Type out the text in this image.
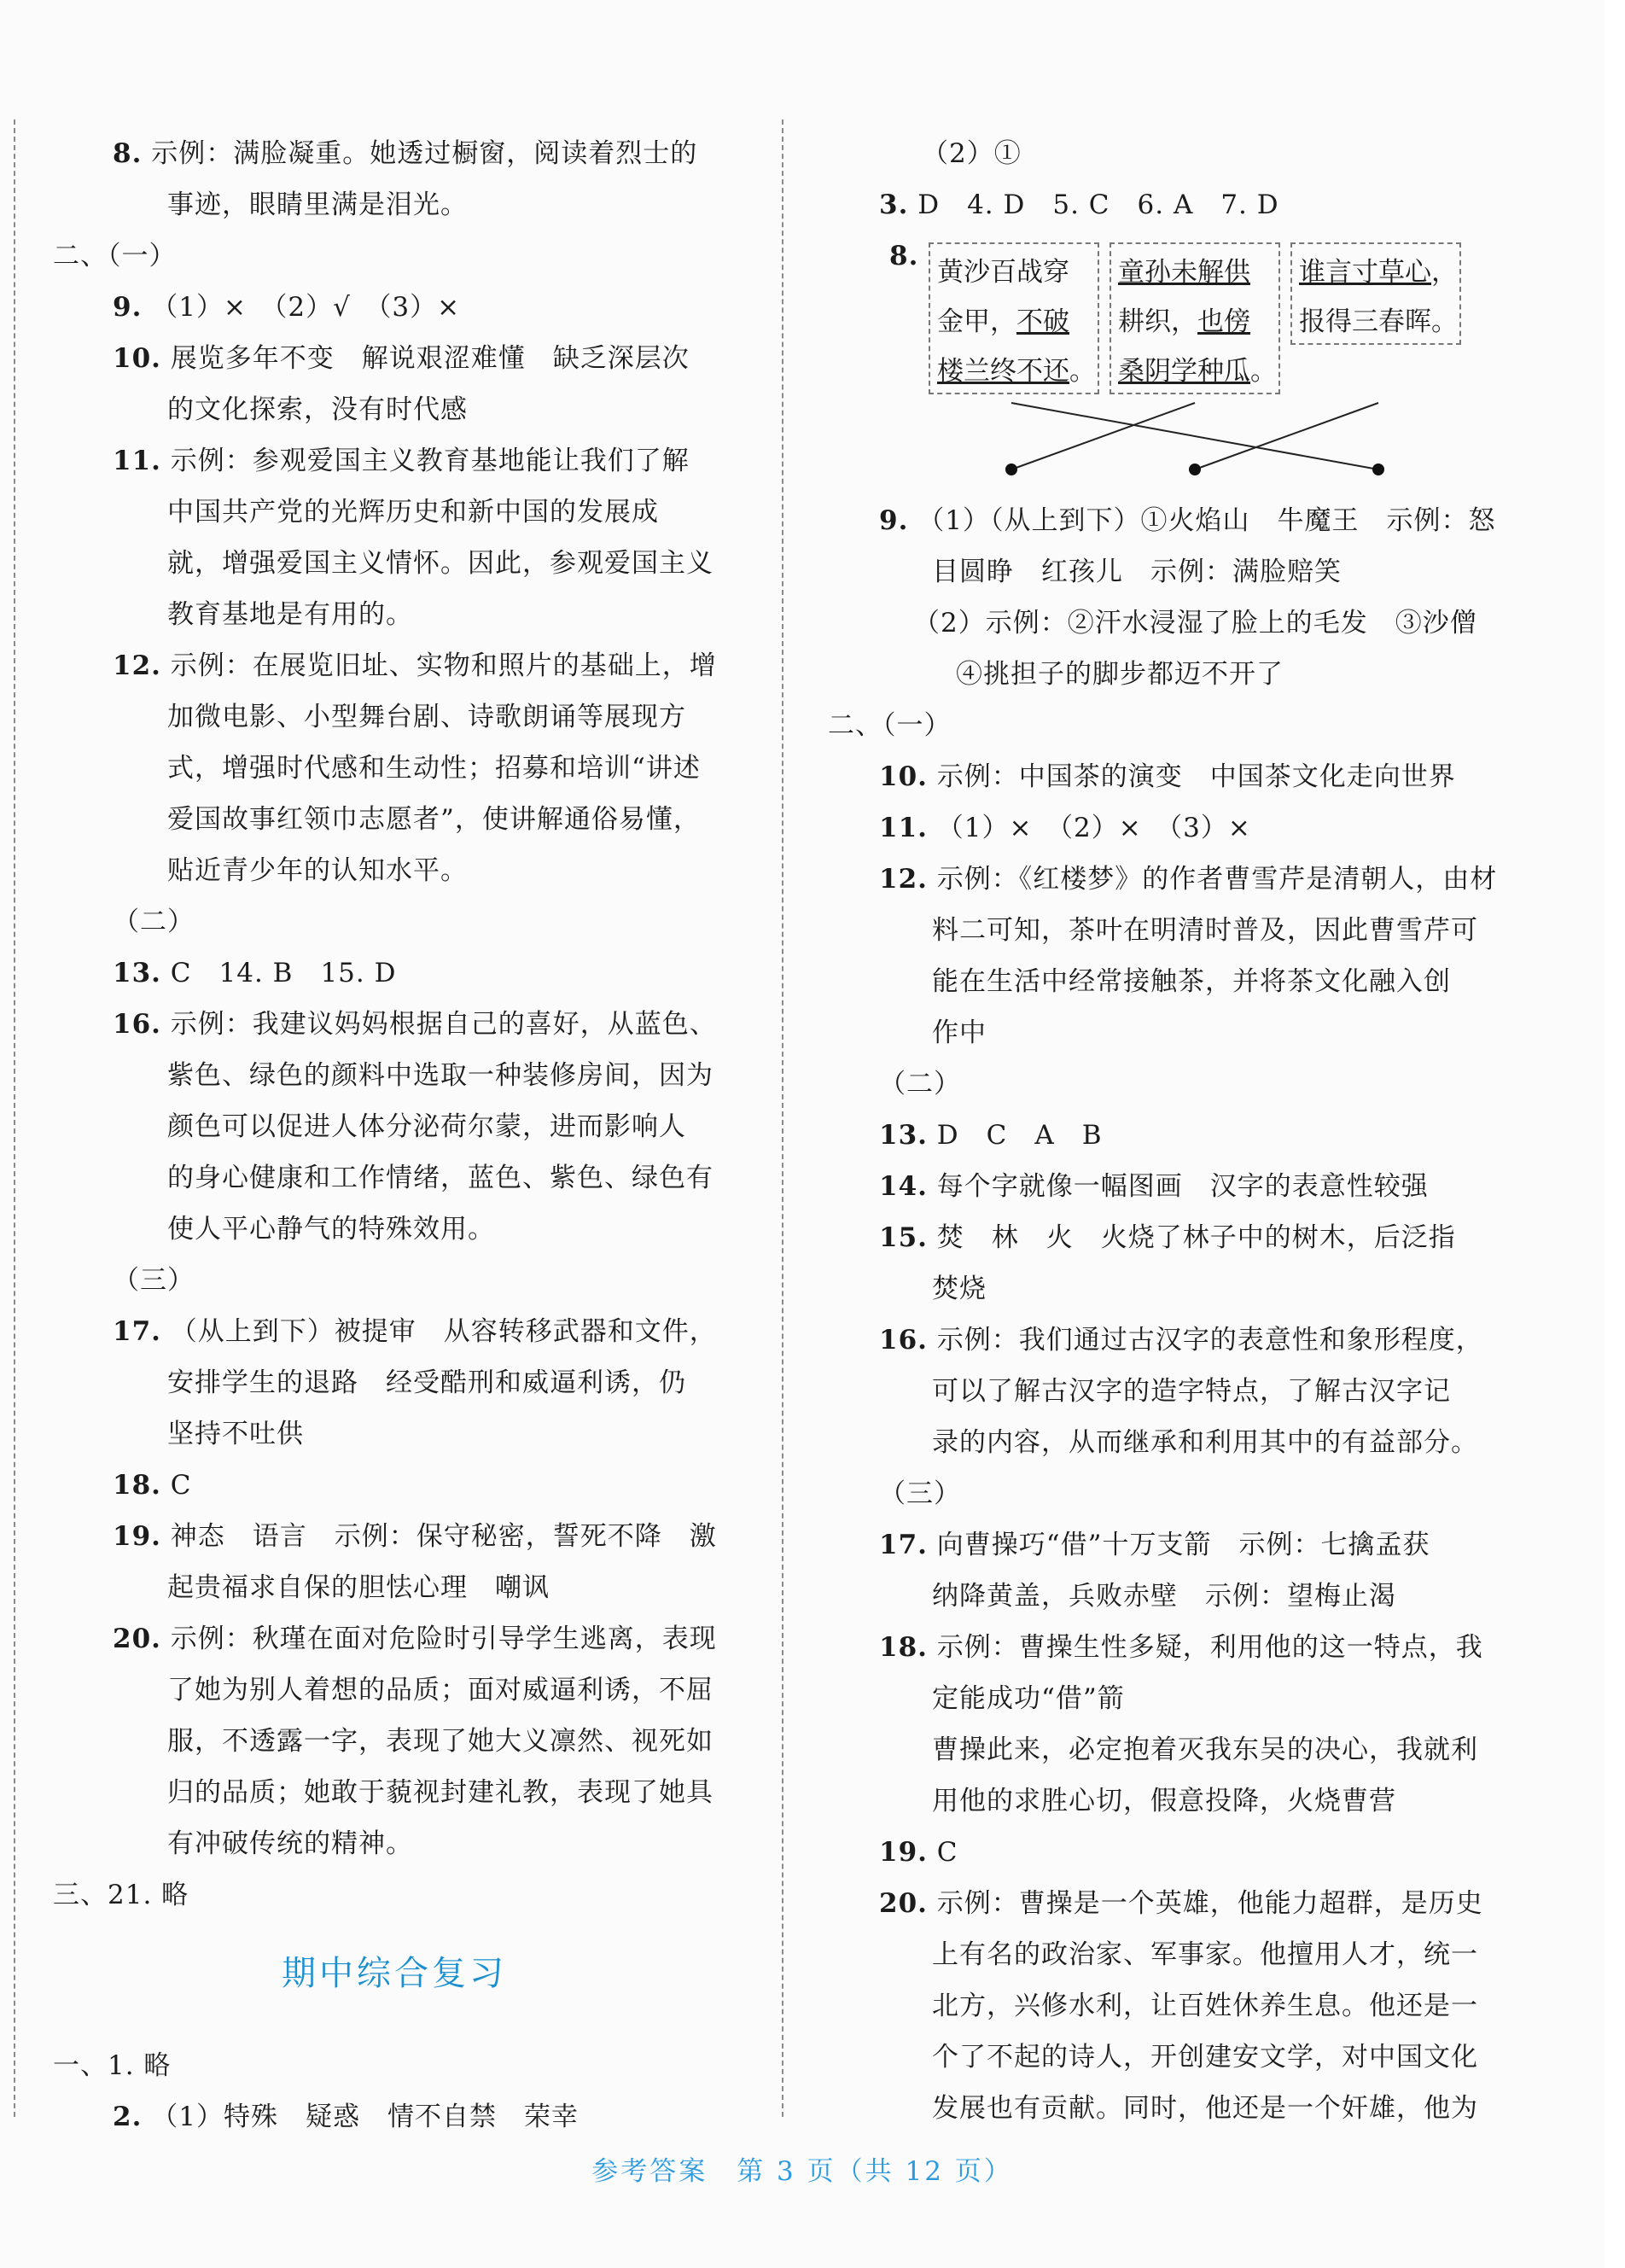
8. 示例：满脸凝重。她透过橱窗，阅读着烈士的
事迹，眼睛里满是泪光。
二、（一）
9. （1）×　（2）√　（3）×
10. 展览多年不变　解说艰涩难懂　缺乏深层次
的文化探索，没有时代感
11. 示例：参观爱国主义教育基地能让我们了解
中国共产党的光辉历史和新中国的发展成
就，增强爱国主义情怀。因此，参观爱国主义
教育基地是有用的。
12. 示例：在展览旧址、实物和照片的基础上，增
加微电影、小型舞台剧、诗歌朗诵等展现方
式，增强时代感和生动性；招募和培训“讲述
爱国故事红领巾志愿者”，使讲解通俗易懂，
贴近青少年的认知水平。
（二）
13. C　14. B　15. D
16. 示例：我建议妈妈根据自己的喜好，从蓝色、
紫色、绿色的颜料中选取一种装修房间，因为
颜色可以促进人体分泌荷尔蒙，进而影响人
的身心健康和工作情绪，蓝色、紫色、绿色有
使人平心静气的特殊效用。
（三）
17. （从上到下）被提审　从容转移武器和文件，
安排学生的退路　经受酷刑和威逼利诱，仍
坚持不吐供
18. C
19. 神态　语言　示例：保守秘密，誓死不降　激
起贵福求自保的胆怯心理　嘲讽
20. 示例：秋瑾在面对危险时引导学生逃离，表现
了她为别人着想的品质；面对威逼利诱，不屈
服，不透露一字，表现了她大义凛然、视死如
归的品质；她敢于藐视封建礼教，表现了她具
有冲破传统的精神。
三、21. 略
期中综合复习
一、1. 略
2. （1）特殊　疑惑　情不自禁　荣幸
（2）①
3. D　4. D　5. C　6. A　7. D
8.
黄沙百战穿
金甲，不破
楼兰终不还。
童孙未解供
耕织，也傍
桑阴学种瓜。
谁言寸草心，
报得三春晖。
9. （1）（从上到下）①火焰山　牛魔王　示例：怒
目圆睁　红孩儿　示例：满脸赔笑
（2）示例：②汗水浸湿了脸上的毛发　③沙僧
④挑担子的脚步都迈不开了
二、（一）
10. 示例：中国茶的演变　中国茶文化走向世界
11. （1）×　（2）×　（3）×
12. 示例：《红楼梦》的作者曹雪芹是清朝人，由材
料二可知，茶叶在明清时普及，因此曹雪芹可
能在生活中经常接触茶，并将茶文化融入创
作中
（二）
13. D　C　A　B
14. 每个字就像一幅图画　汉字的表意性较强
15. 焚　林　火　火烧了林子中的树木，后泛指
焚烧
16. 示例：我们通过古汉字的表意性和象形程度，
可以了解古汉字的造字特点，了解古汉字记
录的内容，从而继承和利用其中的有益部分。
（三）
17. 向曹操巧“借”十万支箭　示例：七擒孟获
纳降黄盖，兵败赤壁　示例：望梅止渴
18. 示例：曹操生性多疑，利用他的这一特点，我
定能成功“借”箭
曹操此来，必定抱着灭我东吴的决心，我就利
用他的求胜心切，假意投降，火烧曹营
19. C
20. 示例：曹操是一个英雄，他能力超群，是历史
上有名的政治家、军事家。他擅用人才，统一
北方，兴修水利，让百姓休养生息。他还是一
个了不起的诗人，开创建安文学，对中国文化
发展也有贡献。同时，他还是一个奸雄，他为
参考答案　第 3 页（共 12 页）
